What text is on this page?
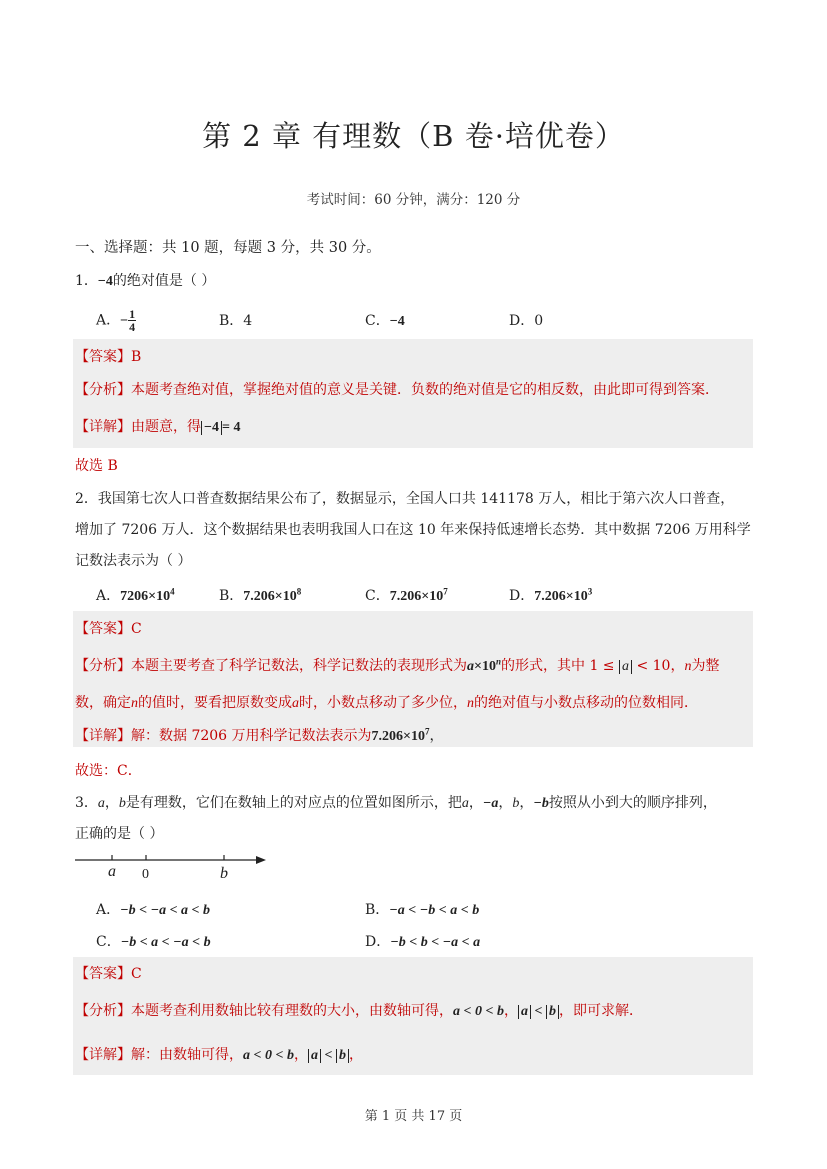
第 2 章 有理数（B 卷·培优卷）
考试时间：60 分钟，满分：120 分
一、选择题：共 10 题，每题 3 分，共 30 分。
1．−4的绝对值是（ ）
A．− $\frac{1}{4}$	B．4	C．−4	D．0
【答案】B
【分析】本题考查绝对值，掌握绝对值的意义是关键．负数的绝对值是它的相反数，由此即可得到答案．
【详解】由题意，得 −4 = 4
故选 B
2．我国第七次人口普查数据结果公布了，数据显示，全国人口共 141178 万人，相比于第六次人口普查，
增加了 7206 万人．这个数据结果也表明我国人口在这 10 年来保持低速增长态势．其中数据 7206 万用科学
记数法表示为（ ）
A．$7206\times 10^4$	B．$7.206\times 10^8$	C．$7.206\times 10^7$	D．$7.206\times 10^3$
【答案】C
【分析】本题主要考查了科学记数法，科学记数法的表现形式为$a\times 10^n$的形式，其中 1 ≤ a < 10，n为整
数，确定n的值时，要看把原数变成a时，小数点移动了多少位，n的绝对值与小数点移动的位数相同．
【详解】解：数据 7206 万用科学记数法表示为$7.206\times 10^7$，
故选：C．
3．a，b是有理数，它们在数轴上的对应点的位置如图所示，把a，−a，b，−b按照从小到大的顺序排列，
正确的是（ ）
a 0	b
A．−b < −a < a < b	B．−a < −b < a < b
C．−b < a < −a < b	D．−b < b < −a < a
【答案】C
【分析】本题考查利用数轴比较有理数的大小，由数轴可得，a < 0 < b， a < b ，即可求解．
【详解】解：由数轴可得，a < 0 < b， a < b ，
第 1 页 共 17 页
